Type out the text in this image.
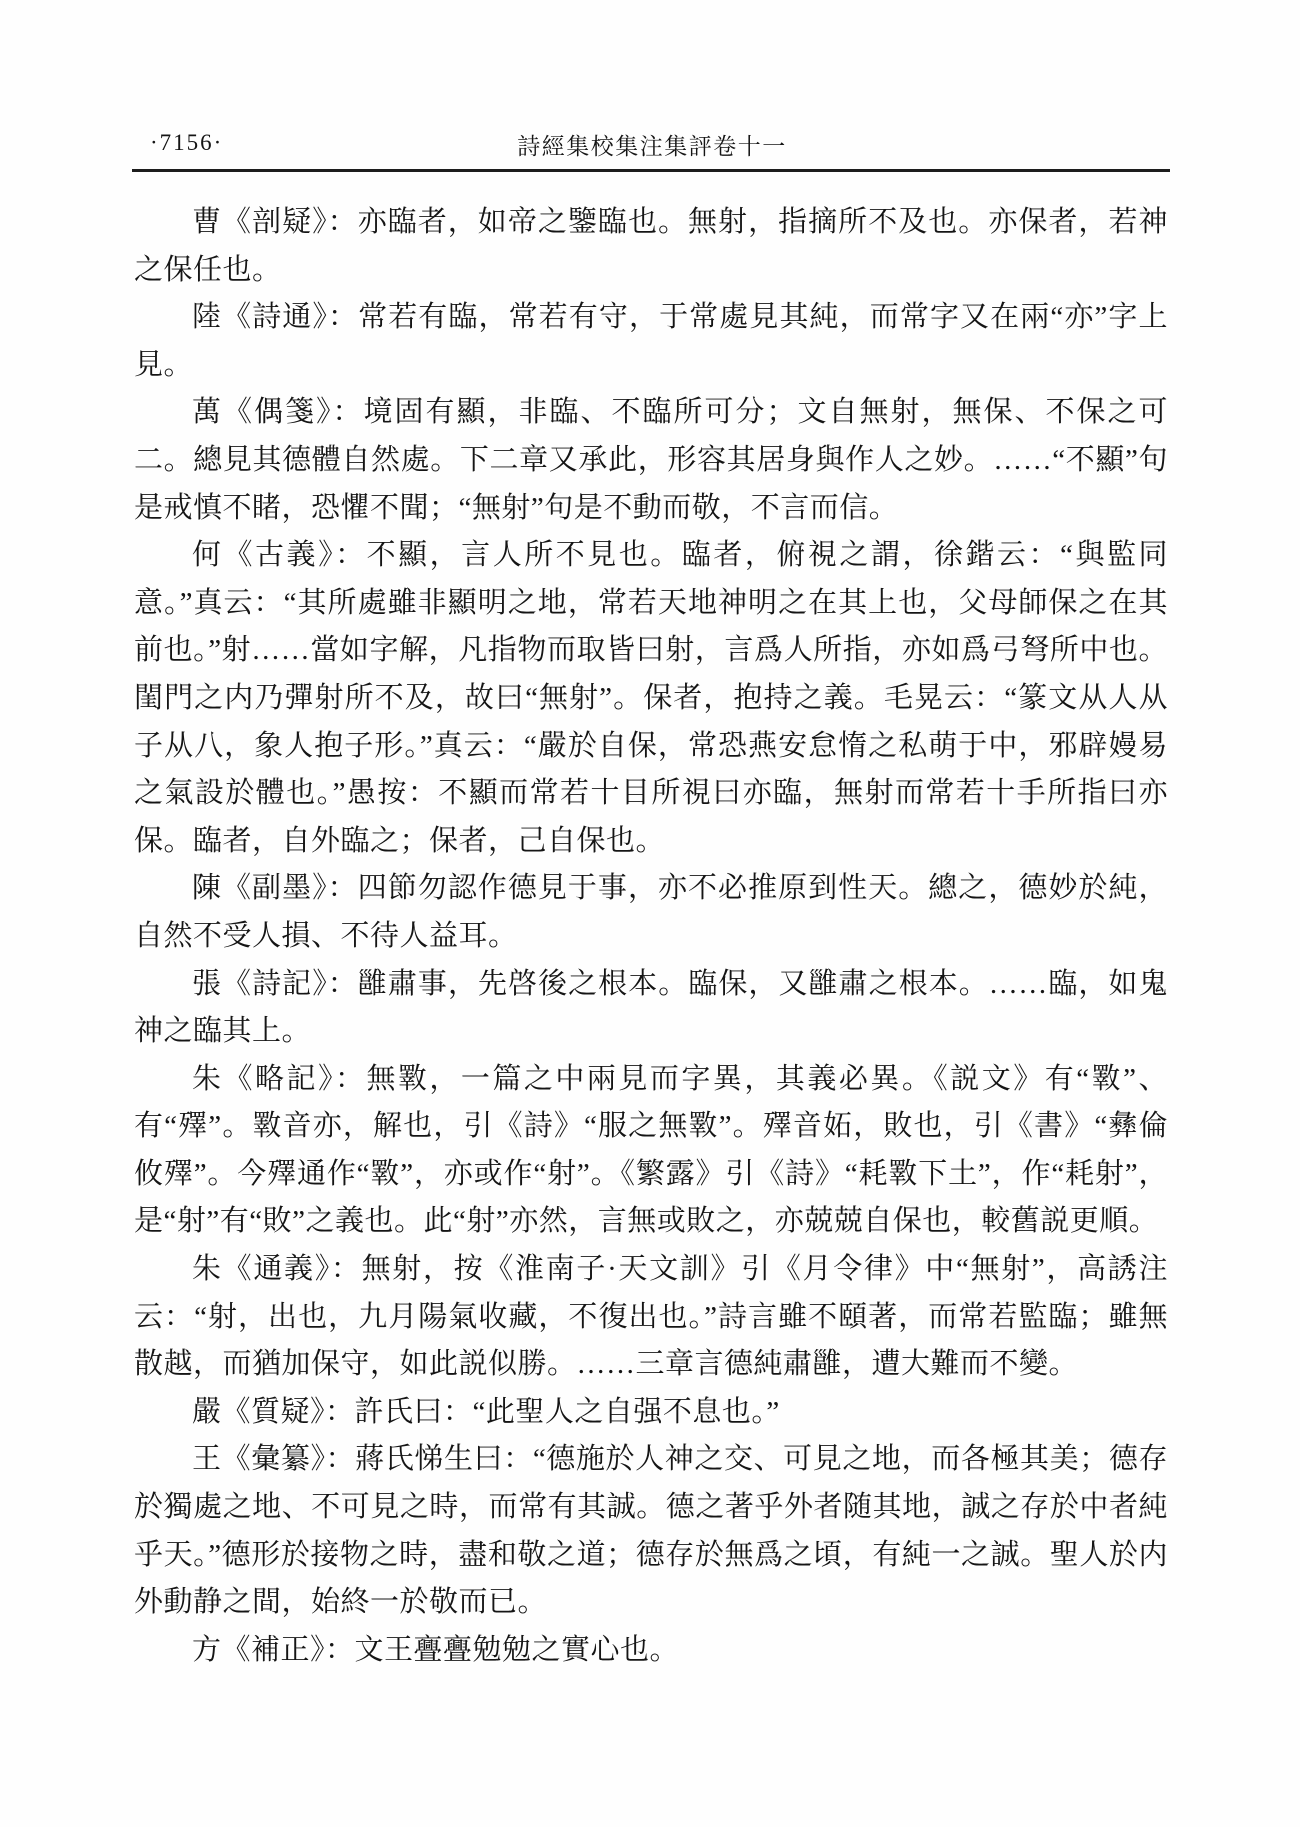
·7156·	詩經集校集注集評卷十一

曹《剖疑》：亦臨者，如帝之鑒臨也。無射，指摘所不及也。亦保者，若神之保任也。

陸《詩通》：常若有臨，常若有守，于常處見其純，而常字又在兩“亦”字上見。

萬《偶箋》：境固有顯，非臨、不臨所可分；文自無射，無保、不保之可二。總見其德體自然處。下二章又承此，形容其居身與作人之妙。……“不顯”句是戒慎不睹，恐懼不聞；“無射”句是不動而敬，不言而信。

何《古義》：不顯，言人所不見也。臨者，俯視之謂，徐鍇云：“與監同意。”真云：“其所處雖非顯明之地，常若天地神明之在其上也，父母師保之在其前也。”射……當如字解，凡指物而取皆曰射，言爲人所指，亦如爲弓弩所中也。閨門之内乃彈射所不及，故曰“無射”。保者，抱持之義。毛晃云：“篆文从人从子从八，象人抱子形。”真云：“嚴於自保，常恐燕安怠惰之私萌于中，邪辟嫚易之氣設於體也。”愚按：不顯而常若十目所視曰亦臨，無射而常若十手所指曰亦保。臨者，自外臨之；保者，己自保也。

陳《副墨》：四節勿認作德見于事，亦不必推原到性天。總之，德妙於純，自然不受人損、不待人益耳。

張《詩記》：雝肅事，先啓後之根本。臨保，又雝肅之根本。……臨，如鬼神之臨其上。

朱《略記》：無斁，一篇之中兩見而字異，其義必異。《説文》有“斁”、有“殬”。斁音亦，解也，引《詩》“服之無斁”。殬音妬，敗也，引《書》“彝倫攸殬”。今殬通作“斁”，亦或作“射”。《繁露》引《詩》“耗斁下土”，作“耗射”，是“射”有“敗”之義也。此“射”亦然，言無或敗之，亦兢兢自保也，較舊説更順。

朱《通義》：無射，按《淮南子·天文訓》引《月令律》中“無射”，高誘注云：“射，出也，九月陽氣收藏，不復出也。”詩言雖不頤著，而常若監臨；雖無散越，而猶加保守，如此説似勝。……三章言德純肅雝，遭大難而不變。

嚴《質疑》：許氏曰：“此聖人之自强不息也。”

王《彙纂》：蔣氏悌生曰：“德施於人神之交、可見之地，而各極其美；德存於獨處之地、不可見之時，而常有其誠。德之著乎外者随其地，誠之存於中者純乎天。”德形於接物之時，盡和敬之道；德存於無爲之頃，有純一之誠。聖人於内外動静之間，始終一於敬而已。

方《補正》：文王亹亹勉勉之實心也。
